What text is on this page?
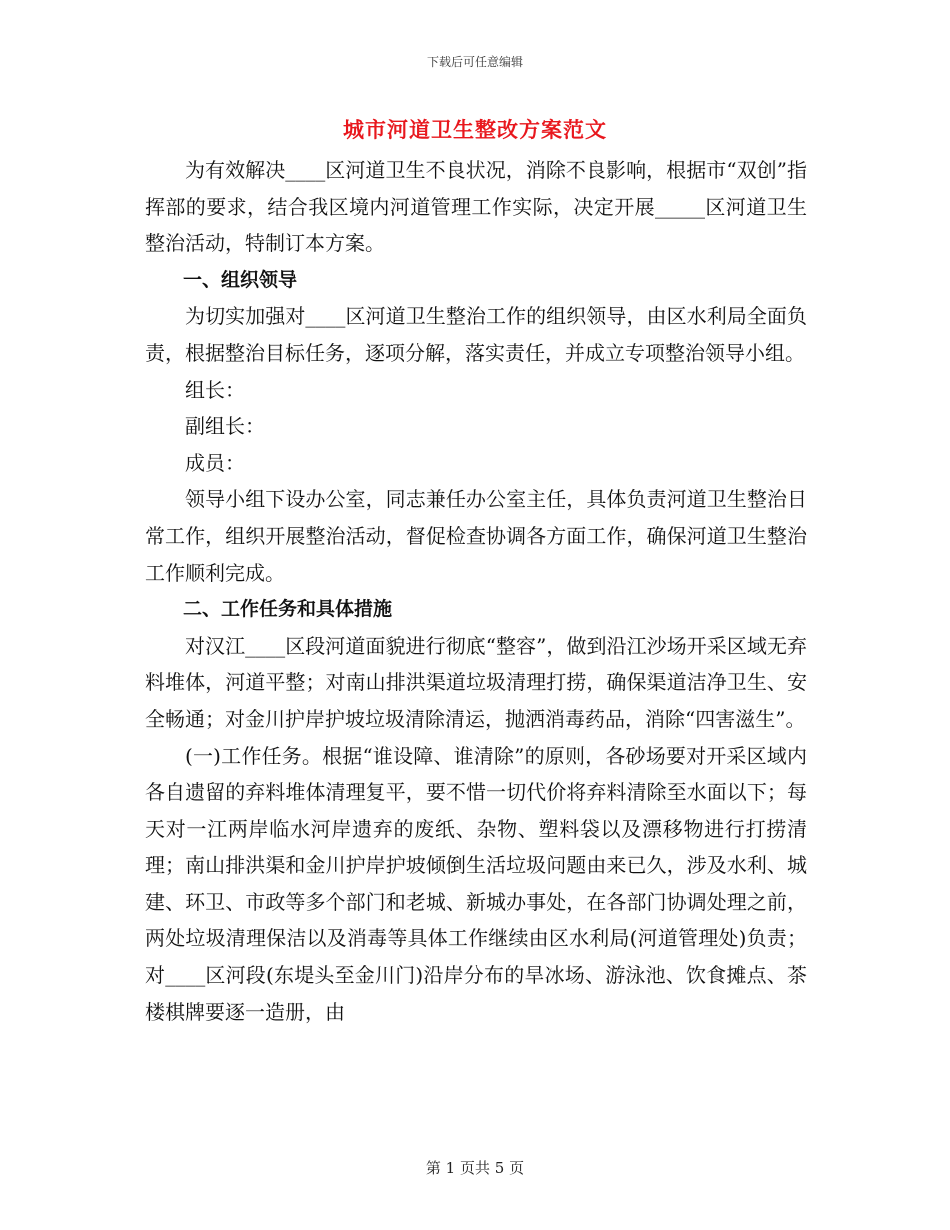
下载后可任意编辑
城市河道卫生整改方案范文

为有效解决____区河道卫生不良状况，消除不良影响，根据市“双创”指挥部的要求，结合我区境内河道管理工作实际，决定开展_____区河道卫生整治活动，特制订本方案。

一、组织领导

为切实加强对____区河道卫生整治工作的组织领导，由区水利局全面负责，根据整治目标任务，逐项分解，落实责任，并成立专项整治领导小组。

组长：

副组长：

成员：

领导小组下设办公室，同志兼任办公室主任，具体负责河道卫生整治日常工作，组织开展整治活动，督促检查协调各方面工作，确保河道卫生整治工作顺利完成。

二、工作任务和具体措施

对汉江____区段河道面貌进行彻底“整容”，做到沿江沙场开采区域无弃料堆体，河道平整；对南山排洪渠道垃圾清理打捞，确保渠道洁净卫生、安全畅通；对金川护岸护坡垃圾清除清运，抛洒消毒药品，消除“四害滋生”。

(一)工作任务。根据“谁设障、谁清除”的原则，各砂场要对开采区域内各自遗留的弃料堆体清理复平，要不惜一切代价将弃料清除至水面以下；每天对一江两岸临水河岸遗弃的废纸、杂物、塑料袋以及漂移物进行打捞清理；南山排洪渠和金川护岸护坡倾倒生活垃圾问题由来已久，涉及水利、城建、环卫、市政等多个部门和老城、新城办事处，在各部门协调处理之前，两处垃圾清理保洁以及消毒等具体工作继续由区水利局(河道管理处)负责；对____区河段(东堤头至金川门)沿岸分布的旱冰场、游泳池、饮食摊点、茶楼棋牌要逐一造册，由

第 1 页共 5 页
